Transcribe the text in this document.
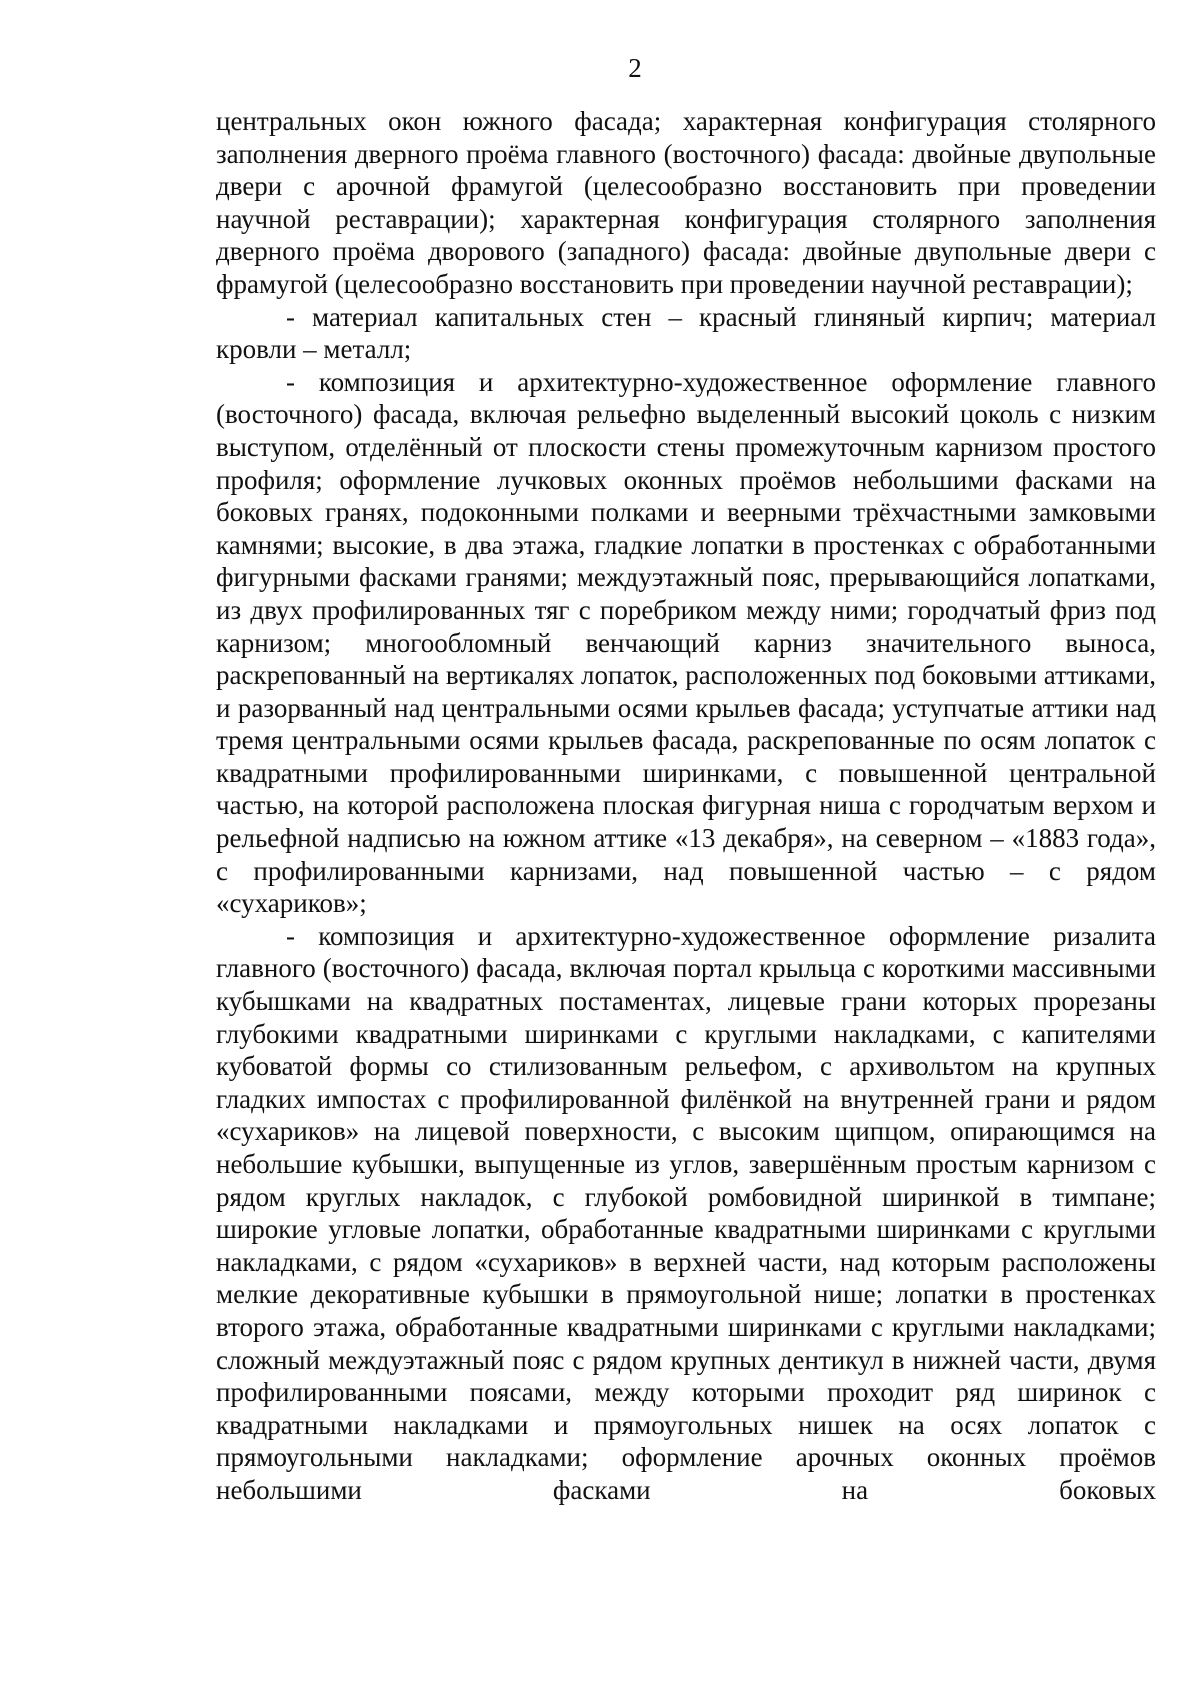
2

центральных окон южного фасада; характерная конфигурация столярного заполнения дверного проёма главного (восточного) фасада: двойные двупольные двери с арочной фрамугой (целесообразно восстановить при проведении научной реставрации); характерная конфигурация столярного заполнения дверного проёма дворового (западного) фасада: двойные двупольные двери с фрамугой (целесообразно восстановить при проведении научной реставрации);

- материал капитальных стен – красный глиняный кирпич; материал кровли – металл;

- композиция и архитектурно-художественное оформление главного (восточного) фасада, включая рельефно выделенный высокий цоколь с низким выступом, отделённый от плоскости стены промежуточным карнизом простого профиля; оформление лучковых оконных проёмов небольшими фасками на боковых гранях, подоконными полками и веерными трёхчастными замковыми камнями; высокие, в два этажа, гладкие лопатки в простенках с обработанными фигурными фасками гранями; междуэтажный пояс, прерывающийся лопатками, из двух профилированных тяг с поребриком между ними; городчатый фриз под карнизом; многообломный венчающий карниз значительного выноса, раскрепованный на вертикалях лопаток, расположенных под боковыми аттиками, и разорванный над центральными осями крыльев фасада; уступчатые аттики над тремя центральными осями крыльев фасада, раскрепованные по осям лопаток с квадратными профилированными ширинками, с повышенной центральной частью, на которой расположена плоская фигурная ниша с городчатым верхом и рельефной надписью на южном аттике «13 декабря», на северном – «1883 года», с профилированными карнизами, над повышенной частью – с рядом «сухариков»;

- композиция и архитектурно-художественное оформление ризалита главного (восточного) фасада, включая портал крыльца с короткими массивными кубышками на квадратных постаментах, лицевые грани которых прорезаны глубокими квадратными ширинками с круглыми накладками, с капителями кубоватой формы со стилизованным рельефом, с архивольтом на крупных гладких импостах с профилированной филёнкой на внутренней грани и рядом «сухариков» на лицевой поверхности, с высоким щипцом, опирающимся на небольшие кубышки, выпущенные из углов, завершённым простым карнизом с рядом круглых накладок, с глубокой ромбовидной ширинкой в тимпане; широкие угловые лопатки, обработанные квадратными ширинками с круглыми накладками, с рядом «сухариков» в верхней части, над которым расположены мелкие декоративные кубышки в прямоугольной нише; лопатки в простенках второго этажа, обработанные квадратными ширинками с круглыми накладками; сложный междуэтажный пояс с рядом крупных дентикул в нижней части, двумя профилированными поясами, между которыми проходит ряд ширинок с квадратными накладками и прямоугольных нишек на осях лопаток с прямоугольными накладками; оформление арочных оконных проёмов небольшими фасками на боковых
